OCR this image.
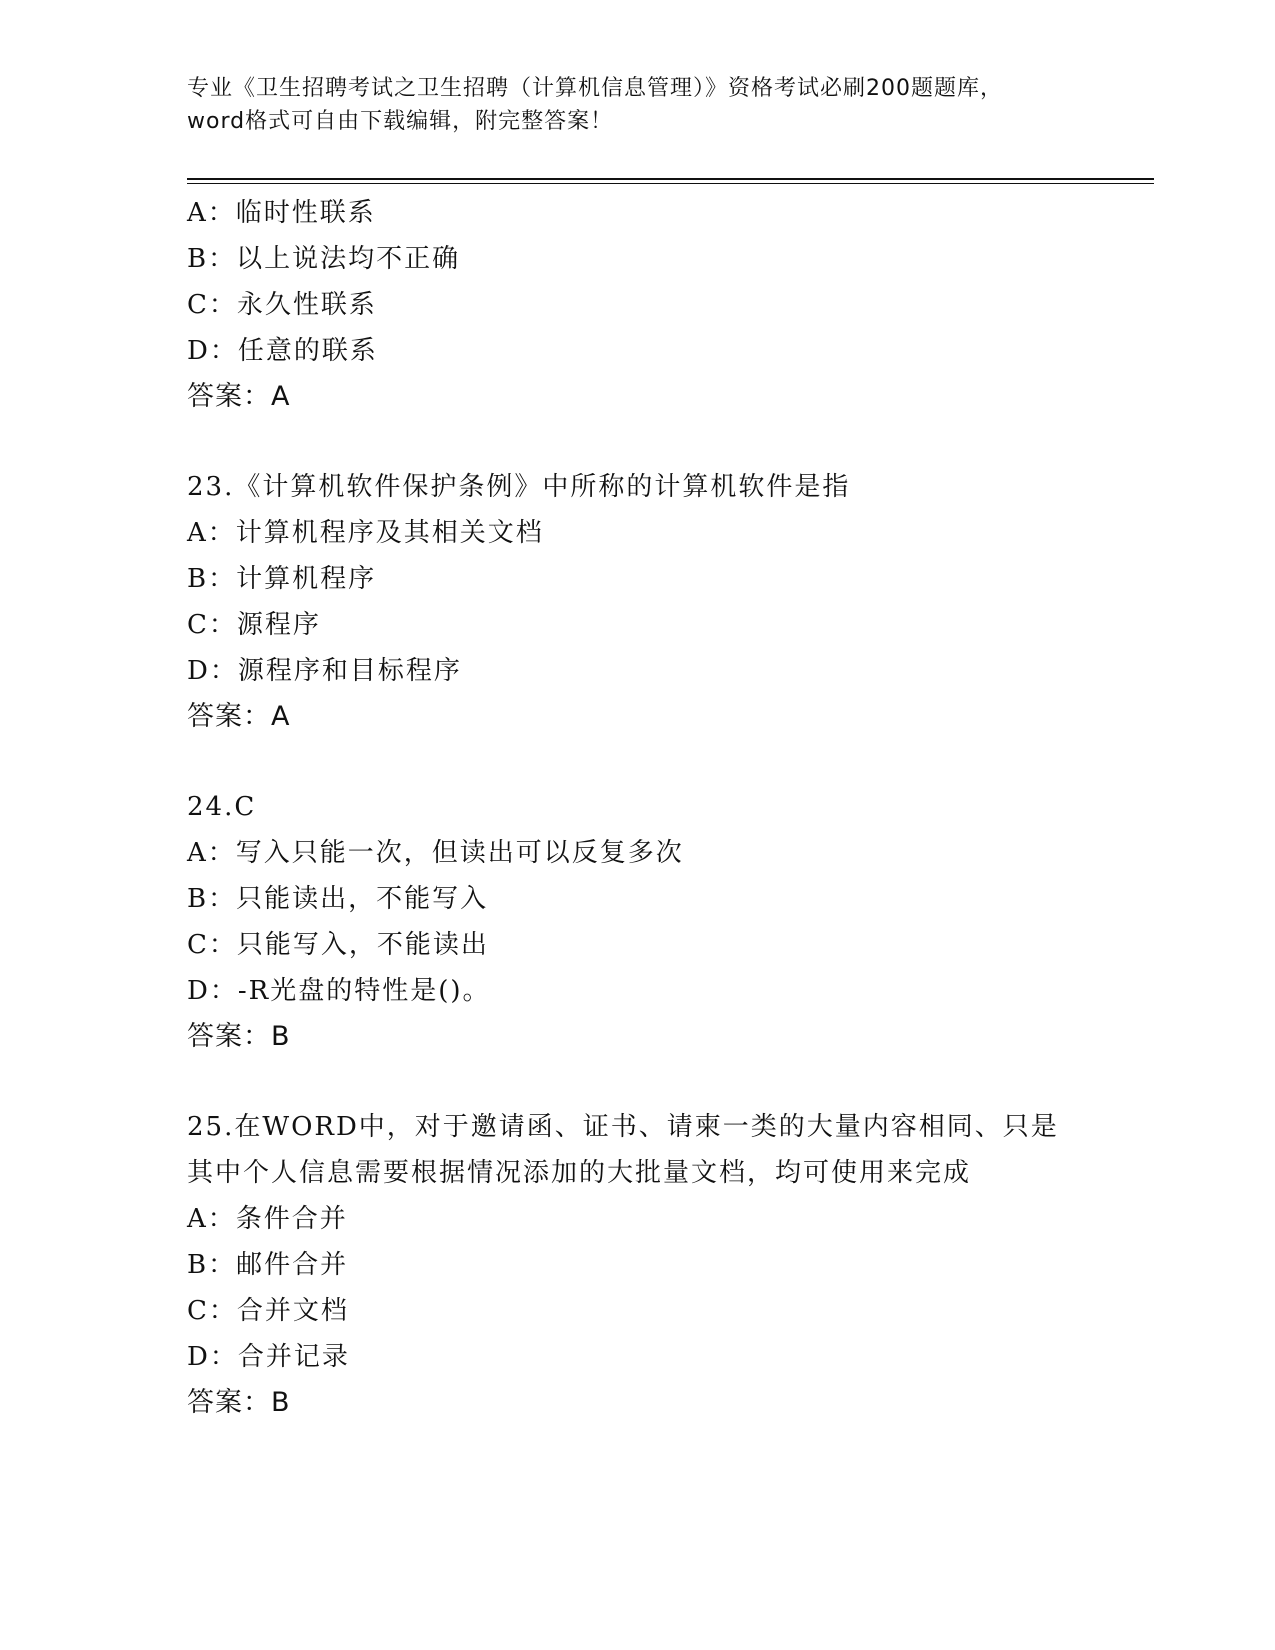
专业《卫生招聘考试之卫生招聘（计算机信息管理）》资格考试必刷200题题库，
word格式可自由下载编辑，附完整答案！
A：临时性联系
B：以上说法均不正确
C：永久性联系
D：任意的联系
答案：A
23.《计算机软件保护条例》中所称的计算机软件是指
A：计算机程序及其相关文档
B：计算机程序
C：源程序
D：源程序和目标程序
答案：A
24.C
A：写入只能一次，但读出可以反复多次
B：只能读出，不能写入
C：只能写入，不能读出
D：-R光盘的特性是()。
答案：B
25.在WORD中，对于邀请函、证书、请柬一类的大量内容相同、只是
其中个人信息需要根据情况添加的大批量文档，均可使用来完成
A：条件合并
B：邮件合并
C：合并文档
D：合并记录
答案：B
